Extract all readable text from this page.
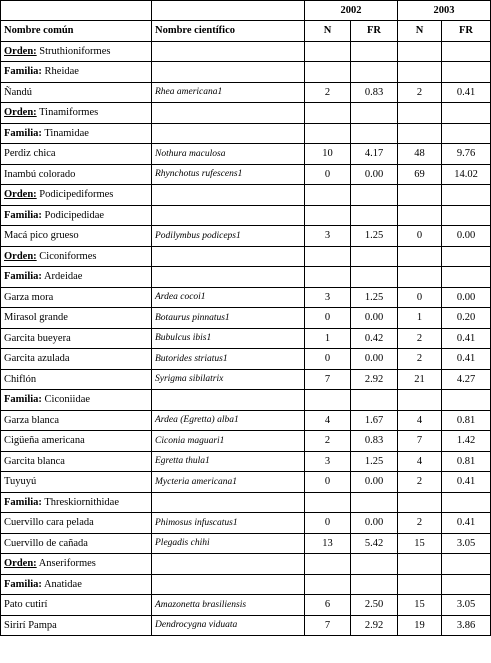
		2002		2003	
Nombre común	Nombre científico	N	FR	N	FR
Orden: Struthioniformes					
Familia: Rheidae					
Ñandú	Rhea americana1	2	0.83	2	0.41
Orden: Tinamiformes					
Familia: Tinamidae					
Perdiz chica	Nothura maculosa	10	4.17	48	9.76
Inambú colorado	Rhynchotus rufescens1	0	0.00	69	14.02
Orden: Podicipediformes					
Familia: Podicipedidae					
Macá pico grueso	Podilymbus podiceps1	3	1.25	0	0.00
Orden: Ciconiformes					
Familia: Ardeidae					
Garza mora	Ardea cocoi1	3	1.25	0	0.00
Mirasol grande	Botaurus pinnatus1	0	0.00	1	0.20
Garcita bueyera	Bubulcus ibis1	1	0.42	2	0.41
Garcita azulada	Butorides striatus1	0	0.00	2	0.41
Chiflón	Syrigma sibilatrix	7	2.92	21	4.27
Familia: Ciconiidae					
Garza blanca	Ardea (Egretta) alba1	4	1.67	4	0.81
Cigüeña americana	Ciconia maguari1	2	0.83	7	1.42
Garcita blanca	Egretta thula1	3	1.25	4	0.81
Tuyuyú	Mycteria americana1	0	0.00	2	0.41
Familia: Threskiornithidae					
Cuervillo cara pelada	Phimosus infuscatus1	0	0.00	2	0.41
Cuervillo de cañada	Plegadis chihi	13	5.42	15	3.05
Orden: Anseriformes					
Familia: Anatidae					
Pato cutirí	Amazonetta brasiliensis	6	2.50	15	3.05
Sirirí Pampa	Dendrocygna viduata	7	2.92	19	3.86
